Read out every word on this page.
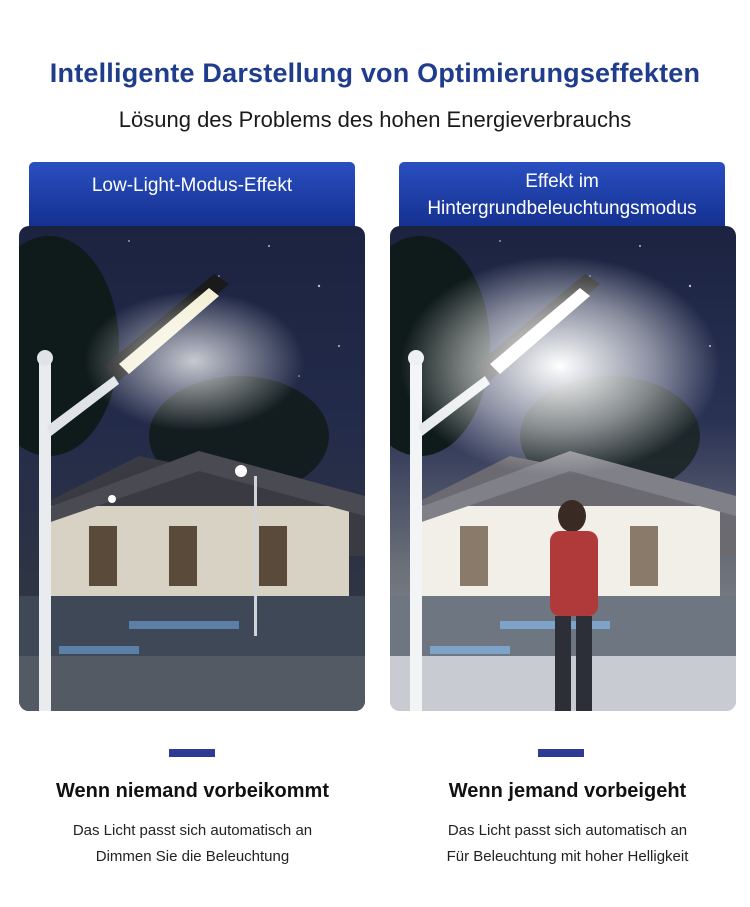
Intelligente Darstellung von Optimierungseffekten
Lösung des Problems des hohen Energieverbrauchs
Low-Light-Modus-Effekt	Effekt im Hintergrundbeleuchtungsmodus
Wenn niemand vorbeikommt
Das Licht passt sich automatisch an
Dimmen Sie die Beleuchtung
Wenn jemand vorbeigeht
Das Licht passt sich automatisch an
Für Beleuchtung mit hoher Helligkeit
